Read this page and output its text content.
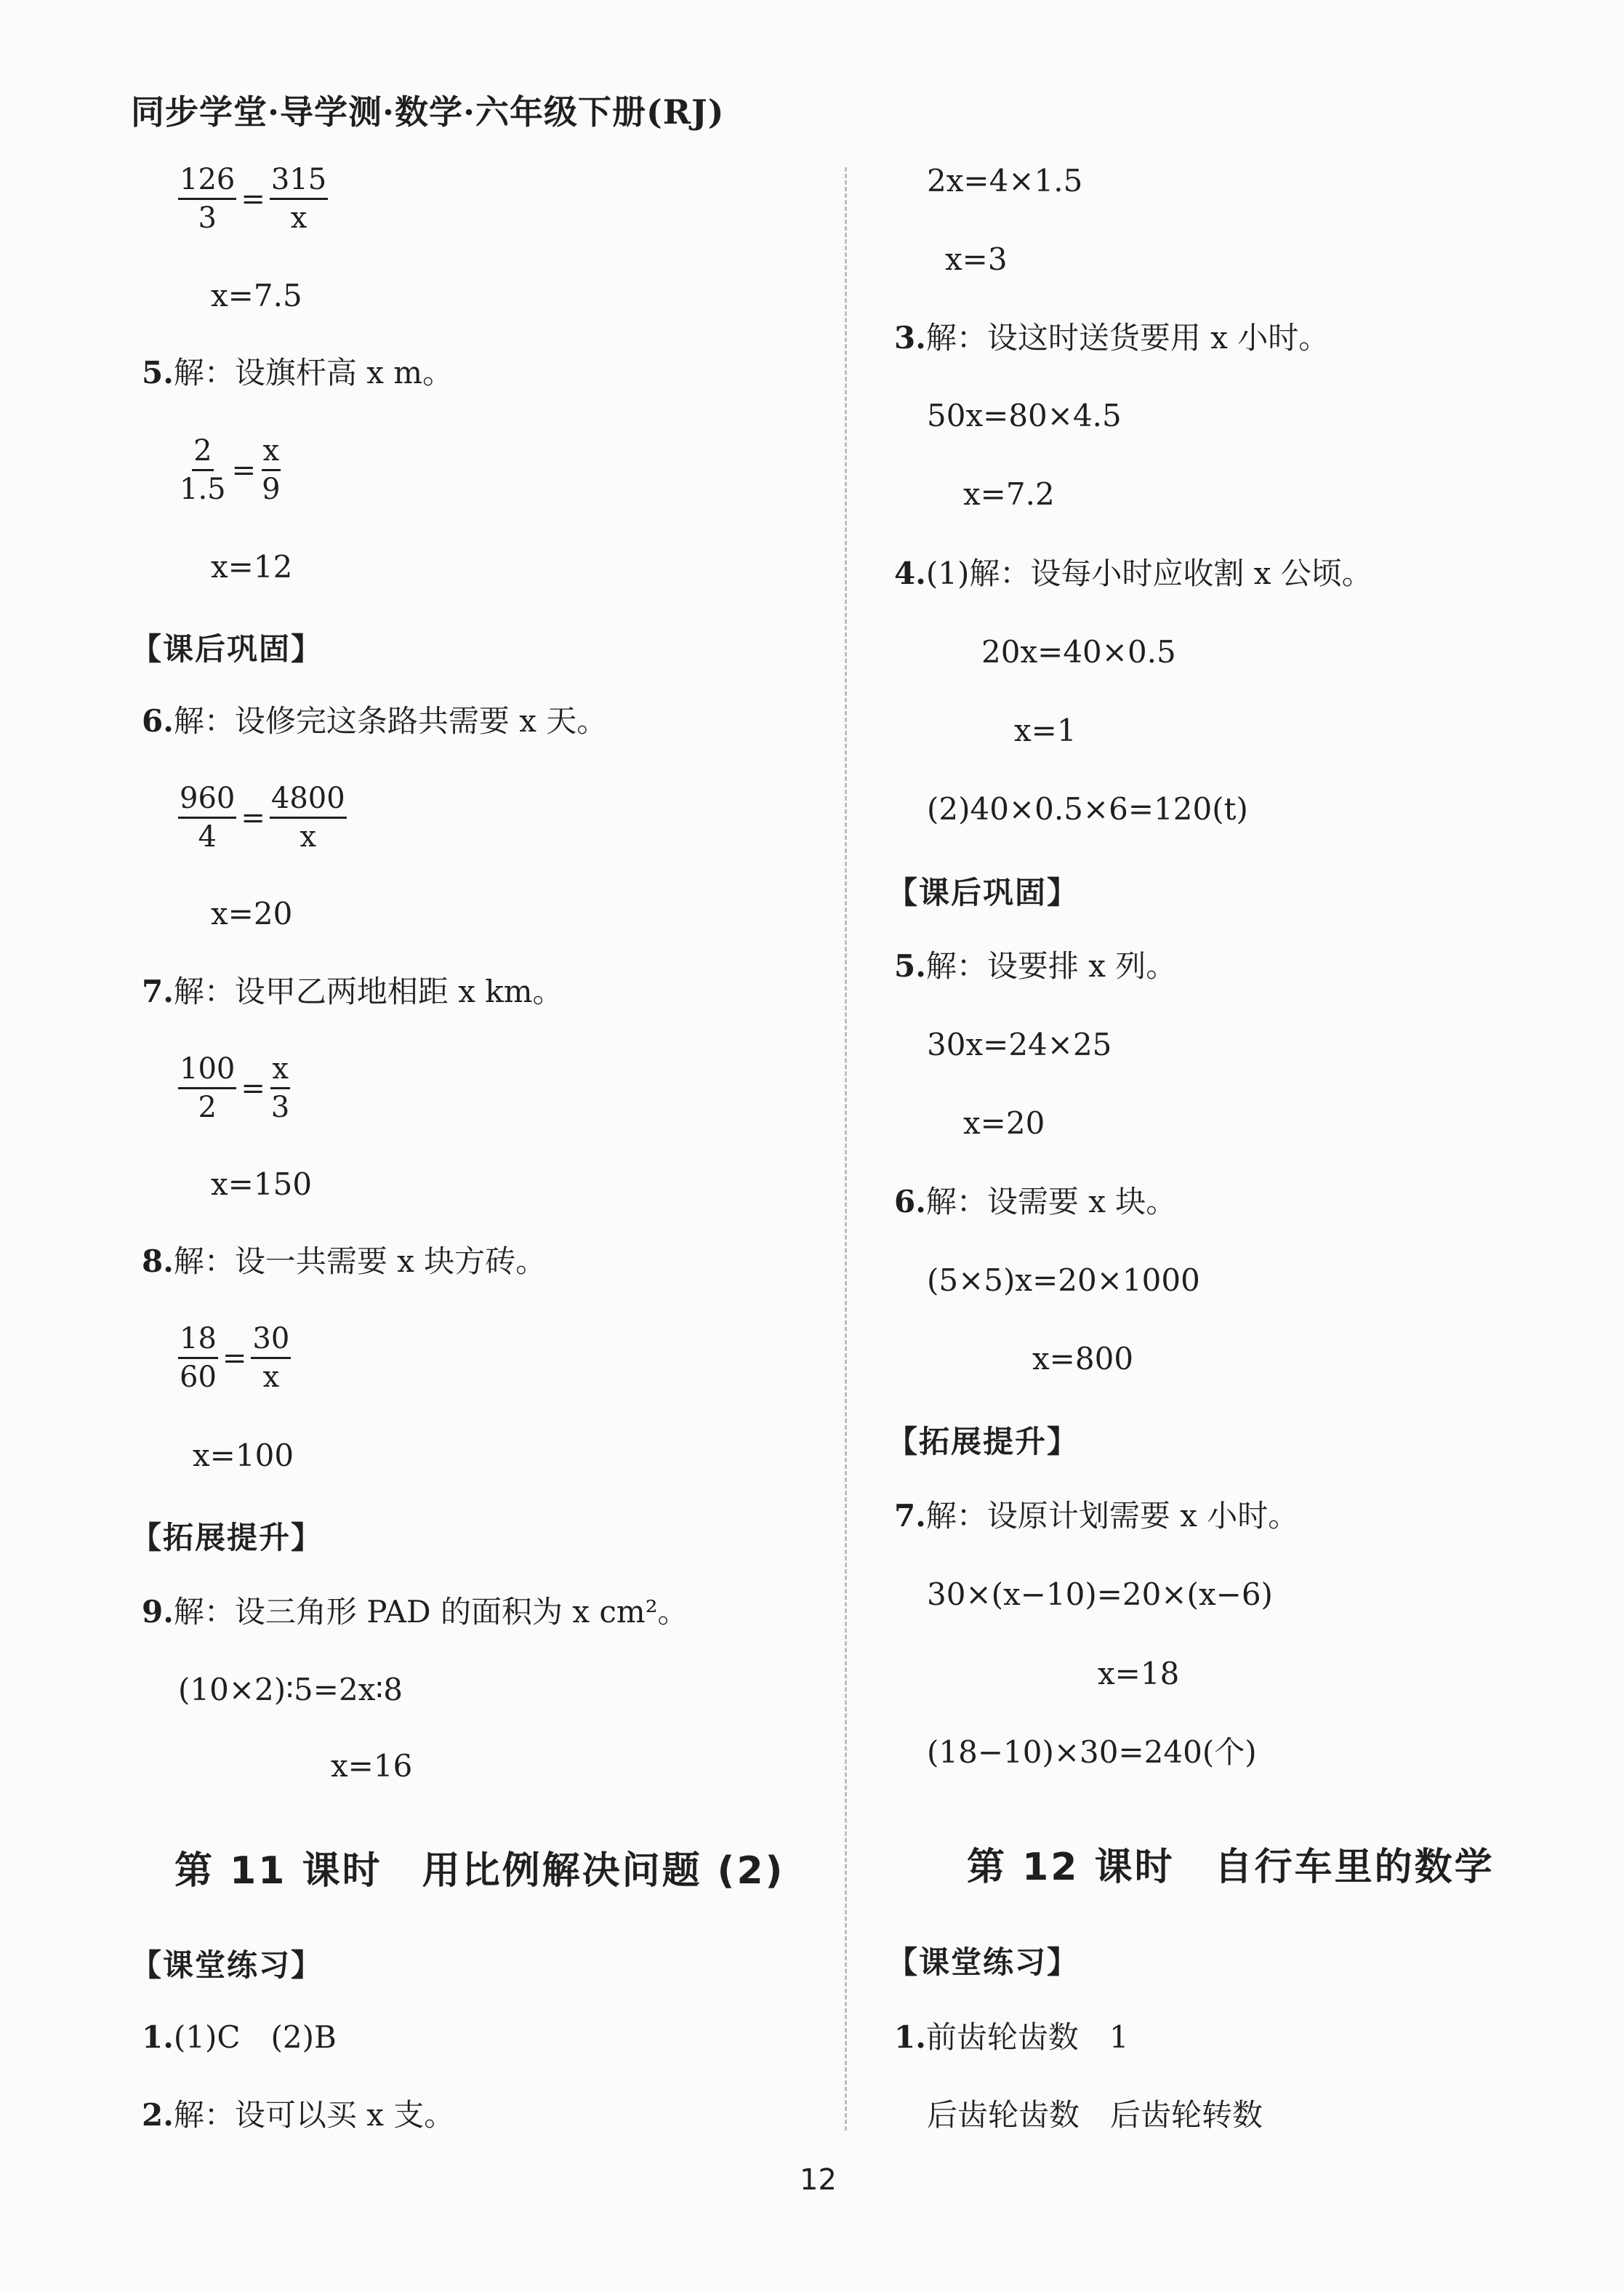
同步学堂·导学测·数学·六年级下册(RJ)
$\frac{126}{3} = \frac{315}{x}$
x=7.5
5.解：设旗杆高 x m。
$\frac{2}{1.5} = \frac{x}{9}$
x=12
【课后巩固】
6.解：设修完这条路共需要 x 天。
$\frac{960}{4} = \frac{4800}{x}$
x=20
7.解：设甲乙两地相距 x km。
$\frac{100}{2} = \frac{x}{3}$
x=150
8.解：设一共需要 x 块方砖。
$\frac{18}{60} = \frac{30}{x}$
x=100
【拓展提升】
9.解：设三角形 PAD 的面积为 x cm²。
(10×2)∶5=2x∶8
x=16
第 11 课时　用比例解决问题 (2)
【课堂练习】
1.(1)C　(2)B
2.解：设可以买 x 支。
2x=4×1.5
x=3
3.解：设这时送货要用 x 小时。
50x=80×4.5
x=7.2
4.(1)解：设每小时应收割 x 公顷。
20x=40×0.5
x=1
(2)40×0.5×6=120(t)
【课后巩固】
5.解：设要排 x 列。
30x=24×25
x=20
6.解：设需要 x 块。
(5×5)x=20×1000
x=800
【拓展提升】
7.解：设原计划需要 x 小时。
30×(x−10)=20×(x−6)
x=18
(18−10)×30=240(个)
第 12 课时　自行车里的数学
【课堂练习】
1.前齿轮齿数　1
后齿轮齿数　后齿轮转数
12
